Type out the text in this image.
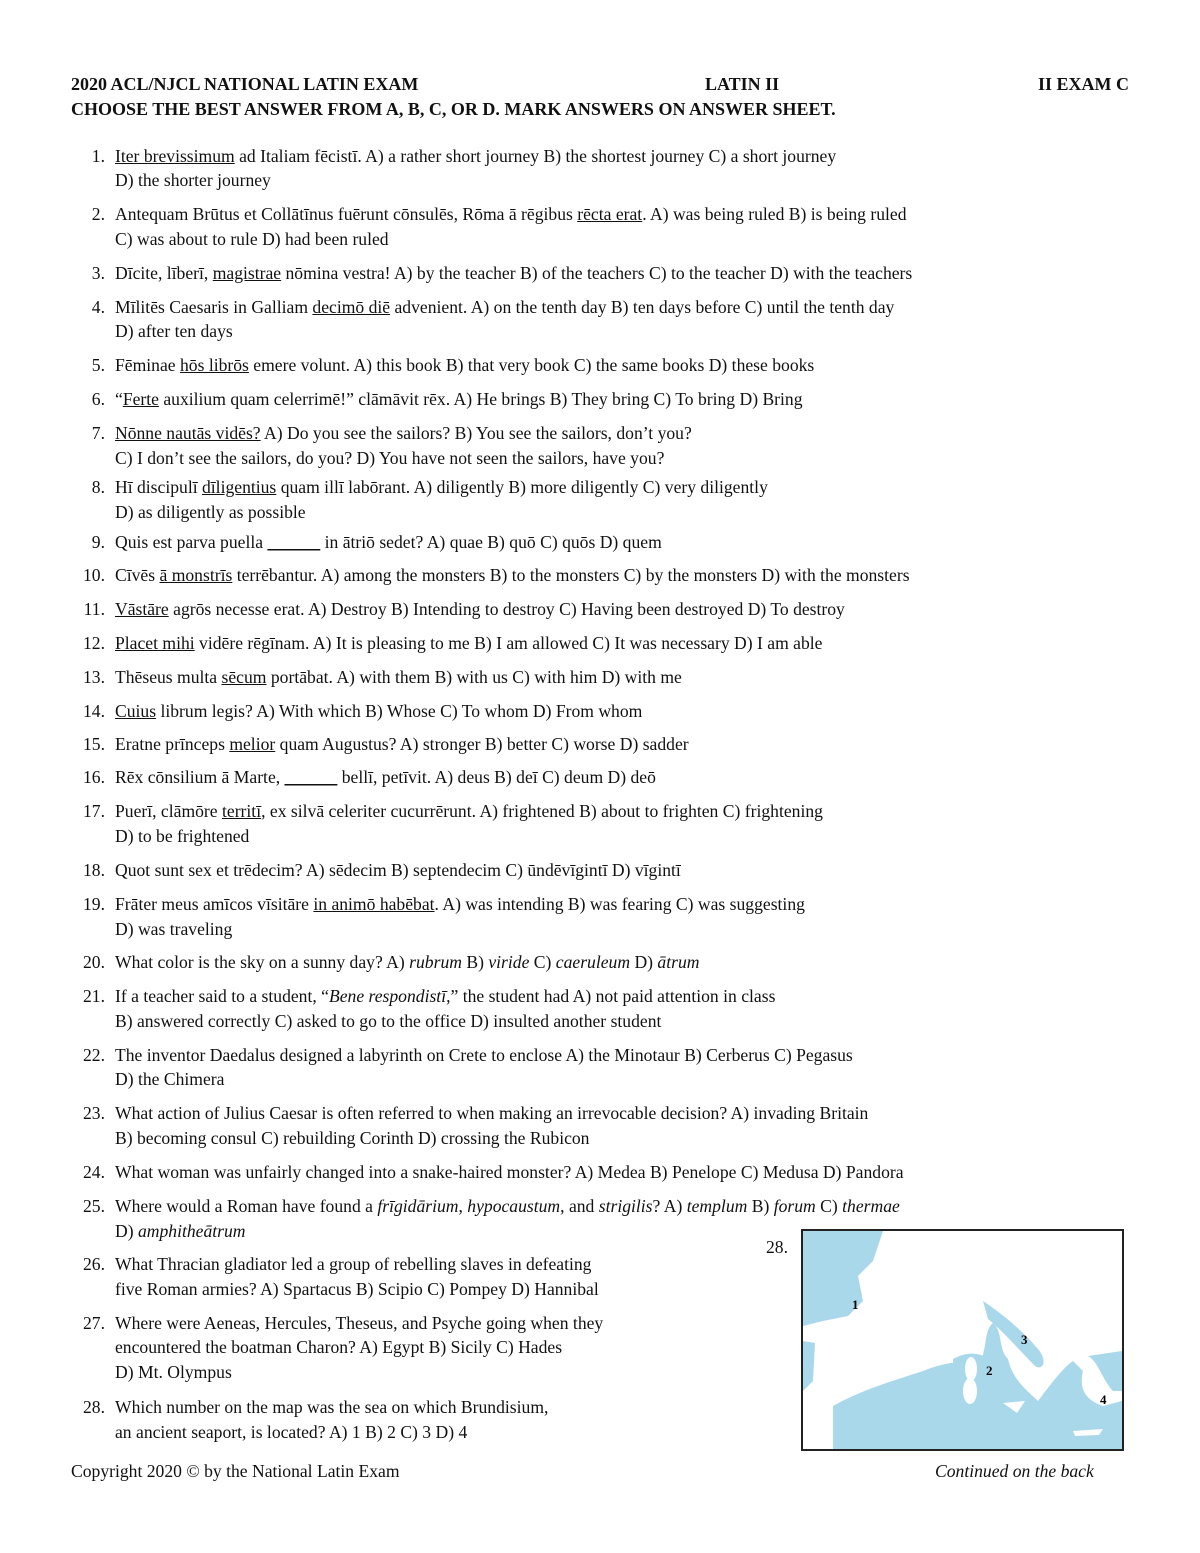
2020 ACL/NJCL NATIONAL LATIN EXAM	LATIN II	II EXAM C
CHOOSE THE BEST ANSWER FROM A, B, C, OR D. MARK ANSWERS ON ANSWER SHEET.
1. Iter brevissimum ad Italiam fēcistī. A) a rather short journey B) the shortest journey C) a short journey
D) the shorter journey
2. Antequam Brūtus et Collātīnus fuērunt cōnsulēs, Rōma ā rēgibus rēcta erat. A) was being ruled B) is being ruled
C) was about to rule D) had been ruled
3. Dīcite, līberī, magistrae nōmina vestra! A) by the teacher B) of the teachers C) to the teacher D) with the teachers
4. Mīlitēs Caesaris in Galliam decimō diē advenient. A) on the tenth day B) ten days before C) until the tenth day
D) after ten days
5. Fēminae hōs librōs emere volunt. A) this book B) that very book C) the same books D) these books
6. “Ferte auxilium quam celerrimē!” clāmāvit rēx. A) He brings B) They bring C) To bring D) Bring
7. Nōnne nautās vidēs? A) Do you see the sailors? B) You see the sailors, don’t you?
C) I don’t see the sailors, do you? D) You have not seen the sailors, have you?
8. Hī discipulī dīligentius quam illī labōrant. A) diligently B) more diligently C) very diligently
D) as diligently as possible
9. Quis est parva puella ______ in ātriō sedet? A) quae B) quō C) quōs D) quem
10. Cīvēs ā monstrīs terrēbantur. A) among the monsters B) to the monsters C) by the monsters D) with the monsters
11. Vāstāre agrōs necesse erat. A) Destroy B) Intending to destroy C) Having been destroyed D) To destroy
12. Placet mihi vidēre rēgīnam. A) It is pleasing to me B) I am allowed C) It was necessary D) I am able
13. Thēseus multa sēcum portābat. A) with them B) with us C) with him D) with me
14. Cuius librum legis? A) With which B) Whose C) To whom D) From whom
15. Eratne prīnceps melior quam Augustus? A) stronger B) better C) worse D) sadder
16. Rēx cōnsilium ā Marte, ______ bellī, petīvit. A) deus B) deī C) deum D) deō
17. Puerī, clāmōre territī, ex silvā celeriter cucurrērunt. A) frightened B) about to frighten C) frightening
D) to be frightened
18. Quot sunt sex et trēdecim? A) sēdecim B) septendecim C) ūndēvīgintī D) vīgintī
19. Frāter meus amīcos vīsitāre in animō habēbat. A) was intending B) was fearing C) was suggesting
D) was traveling
20. What color is the sky on a sunny day? A) rubrum B) viride C) caeruleum D) ātrum
21. If a teacher said to a student, “Bene respondistī,” the student had A) not paid attention in class
B) answered correctly C) asked to go to the office D) insulted another student
22. The inventor Daedalus designed a labyrinth on Crete to enclose A) the Minotaur B) Cerberus C) Pegasus
D) the Chimera
23. What action of Julius Caesar is often referred to when making an irrevocable decision? A) invading Britain
B) becoming consul C) rebuilding Corinth D) crossing the Rubicon
24. What woman was unfairly changed into a snake-haired monster? A) Medea B) Penelope C) Medusa D) Pandora
25. Where would a Roman have found a frīgidārium, hypocaustum, and strigilis? A) templum B) forum C) thermae
D) amphitheātrum
26. What Thracian gladiator led a group of rebelling slaves in defeating
five Roman armies? A) Spartacus B) Scipio C) Pompey D) Hannibal
27. Where were Aeneas, Hercules, Theseus, and Psyche going when they
encountered the boatman Charon? A) Egypt B) Sicily C) Hades
D) Mt. Olympus
28. Which number on the map was the sea on which Brundisium,
an ancient seaport, is located? A) 1 B) 2 C) 3 D) 4
28.
1
2
3
4
Copyright 2020 © by the National Latin Exam	Continued on the back
